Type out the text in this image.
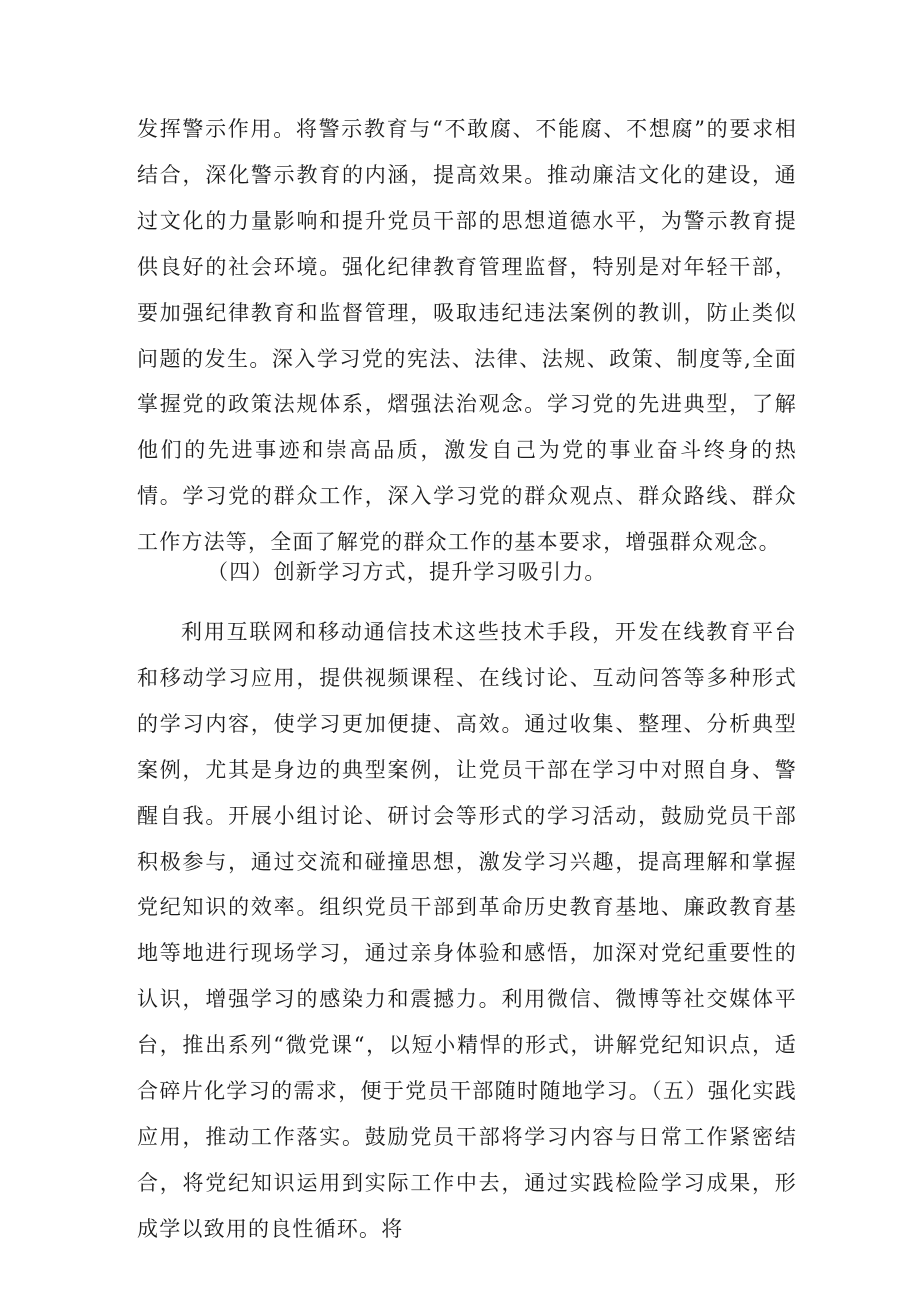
发挥警示作用。将警示教育与“不敢腐、不能腐、不想腐”的要求相结合，深化警示教育的内涵，提高效果。推动廉洁文化的建设，通过文化的力量影响和提升党员干部的思想道德水平，为警示教育提供良好的社会环境。强化纪律教育管理监督，特别是对年轻干部，要加强纪律教育和监督管理，吸取违纪违法案例的教训，防止类似问题的发生。深入学习党的宪法、法律、法规、政策、制度等,全面掌握党的政策法规体系，熠强法治观念。学习党的先进典型，了解他们的先进事迹和崇高品质，激发自己为党的事业奋斗终身的热情。学习党的群众工作，深入学习党的群众观点、群众路线、群众工作方法等，全面了解党的群众工作的基本要求，增强群众观念。

（四）创新学习方式，提升学习吸引力。

利用互联网和移动通信技术这些技术手段，开发在线教育平台和移动学习应用，提供视频课程、在线讨论、互动问答等多种形式的学习内容，使学习更加便捷、高效。通过收集、整理、分析典型案例，尤其是身边的典型案例，让党员干部在学习中对照自身、警醒自我。开展小组讨论、研讨会等形式的学习活动，鼓励党员干部积极参与，通过交流和碰撞思想，激发学习兴趣，提高理解和掌握党纪知识的效率。组织党员干部到革命历史教育基地、廉政教育基地等地进行现场学习，通过亲身体验和感悟，加深对党纪重要性的认识，增强学习的感染力和震撼力。利用微信、微博等社交媒体平台，推出系列“微党课“，以短小精悍的形式，讲解党纪知识点，适合碎片化学习的需求，便于党员干部随时随地学习。（五）强化实践应用，推动工作落实。鼓励党员干部将学习内容与日常工作紧密结合，将党纪知识运用到实际工作中去，通过实践检险学习成果，形成学以致用的良性循环。将
